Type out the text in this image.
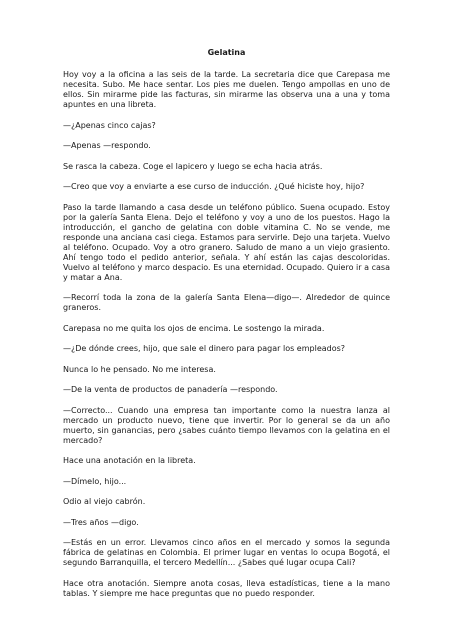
Gelatina

Hoy voy a la oficina a las seis de la tarde. La secretaria dice que Carepasa me necesita. Subo. Me hace sentar. Los pies me duelen. Tengo ampollas en uno de ellos. Sin mirarme pide las facturas, sin mirarme las observa una a una y toma apuntes en una libreta.

—¿Apenas cinco cajas?

—Apenas —respondo.

Se rasca la cabeza. Coge el lapicero y luego se echa hacia atrás.

—Creo que voy a enviarte a ese curso de inducción. ¿Qué hiciste hoy, hijo?

Paso la tarde llamando a casa desde un teléfono público. Suena ocupado. Estoy por la galería Santa Elena. Dejo el teléfono y voy a uno de los puestos. Hago la introducción, el gancho de gelatina con doble vitamina C. No se vende, me responde una anciana casi ciega. Estamos para servirle. Dejo una tarjeta. Vuelvo al teléfono. Ocupado. Voy a otro granero. Saludo de mano a un viejo grasiento. Ahí tengo todo el pedido anterior, señala. Y ahí están las cajas descoloridas. Vuelvo al teléfono y marco despacio. Es una eternidad. Ocupado. Quiero ir a casa y matar a Ana.

—Recorrí toda la zona de la galería Santa Elena—digo—. Alrededor de quince graneros.

Carepasa no me quita los ojos de encima. Le sostengo la mirada.

—¿De dónde crees, hijo, que sale el dinero para pagar los empleados?

Nunca lo he pensado. No me interesa.

—De la venta de productos de panadería —respondo.

—Correcto... Cuando una empresa tan importante como la nuestra lanza al mercado un producto nuevo, tiene que invertir. Por lo general se da un año muerto, sin ganancias, pero ¿sabes cuánto tiempo llevamos con la gelatina en el mercado?

Hace una anotación en la libreta.

—Dímelo, hijo...

Odio al viejo cabrón.

—Tres años —digo.

—Estás en un error. Llevamos cinco años en el mercado y somos la segunda fábrica de gelatinas en Colombia. El primer lugar en ventas lo ocupa Bogotá, el segundo Barranquilla, el tercero Medellín... ¿Sabes qué lugar ocupa Cali?

Hace otra anotación. Siempre anota cosas, lleva estadísticas, tiene a la mano tablas. Y siempre me hace preguntas que no puedo responder.
